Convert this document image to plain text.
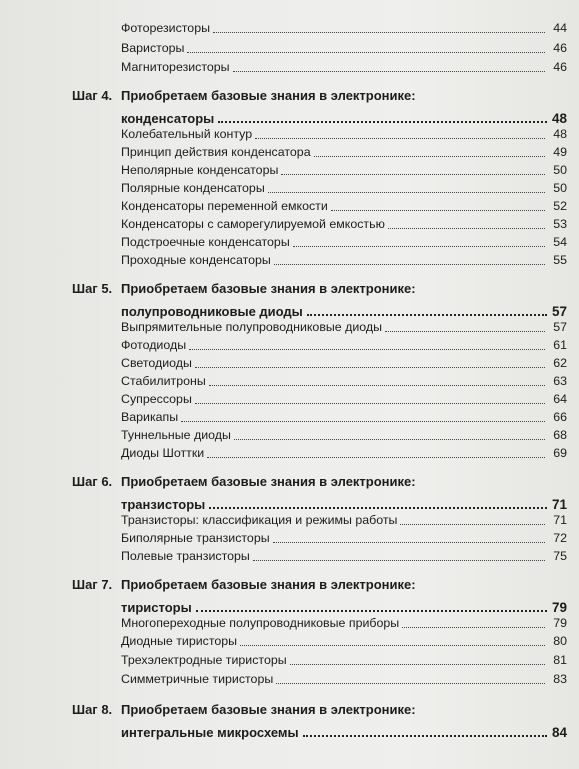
Фоторезисторы	44
Варисторы	46
Магниторезисторы	46
Шаг 4. Приобретаем базовые знания в электронике:
конденсаторы	48
Колебательный контур	48
Принцип действия конденсатора	49
Неполярные конденсаторы	50
Полярные конденсаторы	50
Конденсаторы переменной емкости	52
Конденсаторы с саморегулируемой емкостью	53
Подстроечные конденсаторы	54
Проходные конденсаторы	55
Шаг 5. Приобретаем базовые знания в электронике:
полупроводниковые диоды	57
Выпрямительные полупроводниковые диоды	57
Фотодиоды	61
Светодиоды	62
Стабилитроны	63
Супрессоры	64
Варикапы	66
Туннельные диоды	68
Диоды Шоттки	69
Шаг 6. Приобретаем базовые знания в электронике:
транзисторы	71
Транзисторы: классификация и режимы работы	71
Биполярные транзисторы	72
Полевые транзисторы	75
Шаг 7. Приобретаем базовые знания в электронике:
тиристоры	79
Многопереходные полупроводниковые приборы	79
Диодные тиристоры	80
Трехэлектродные тиристоры	81
Симметричные тиристоры	83
Шаг 8. Приобретаем базовые знания в электронике:
интегральные микросхемы	84
